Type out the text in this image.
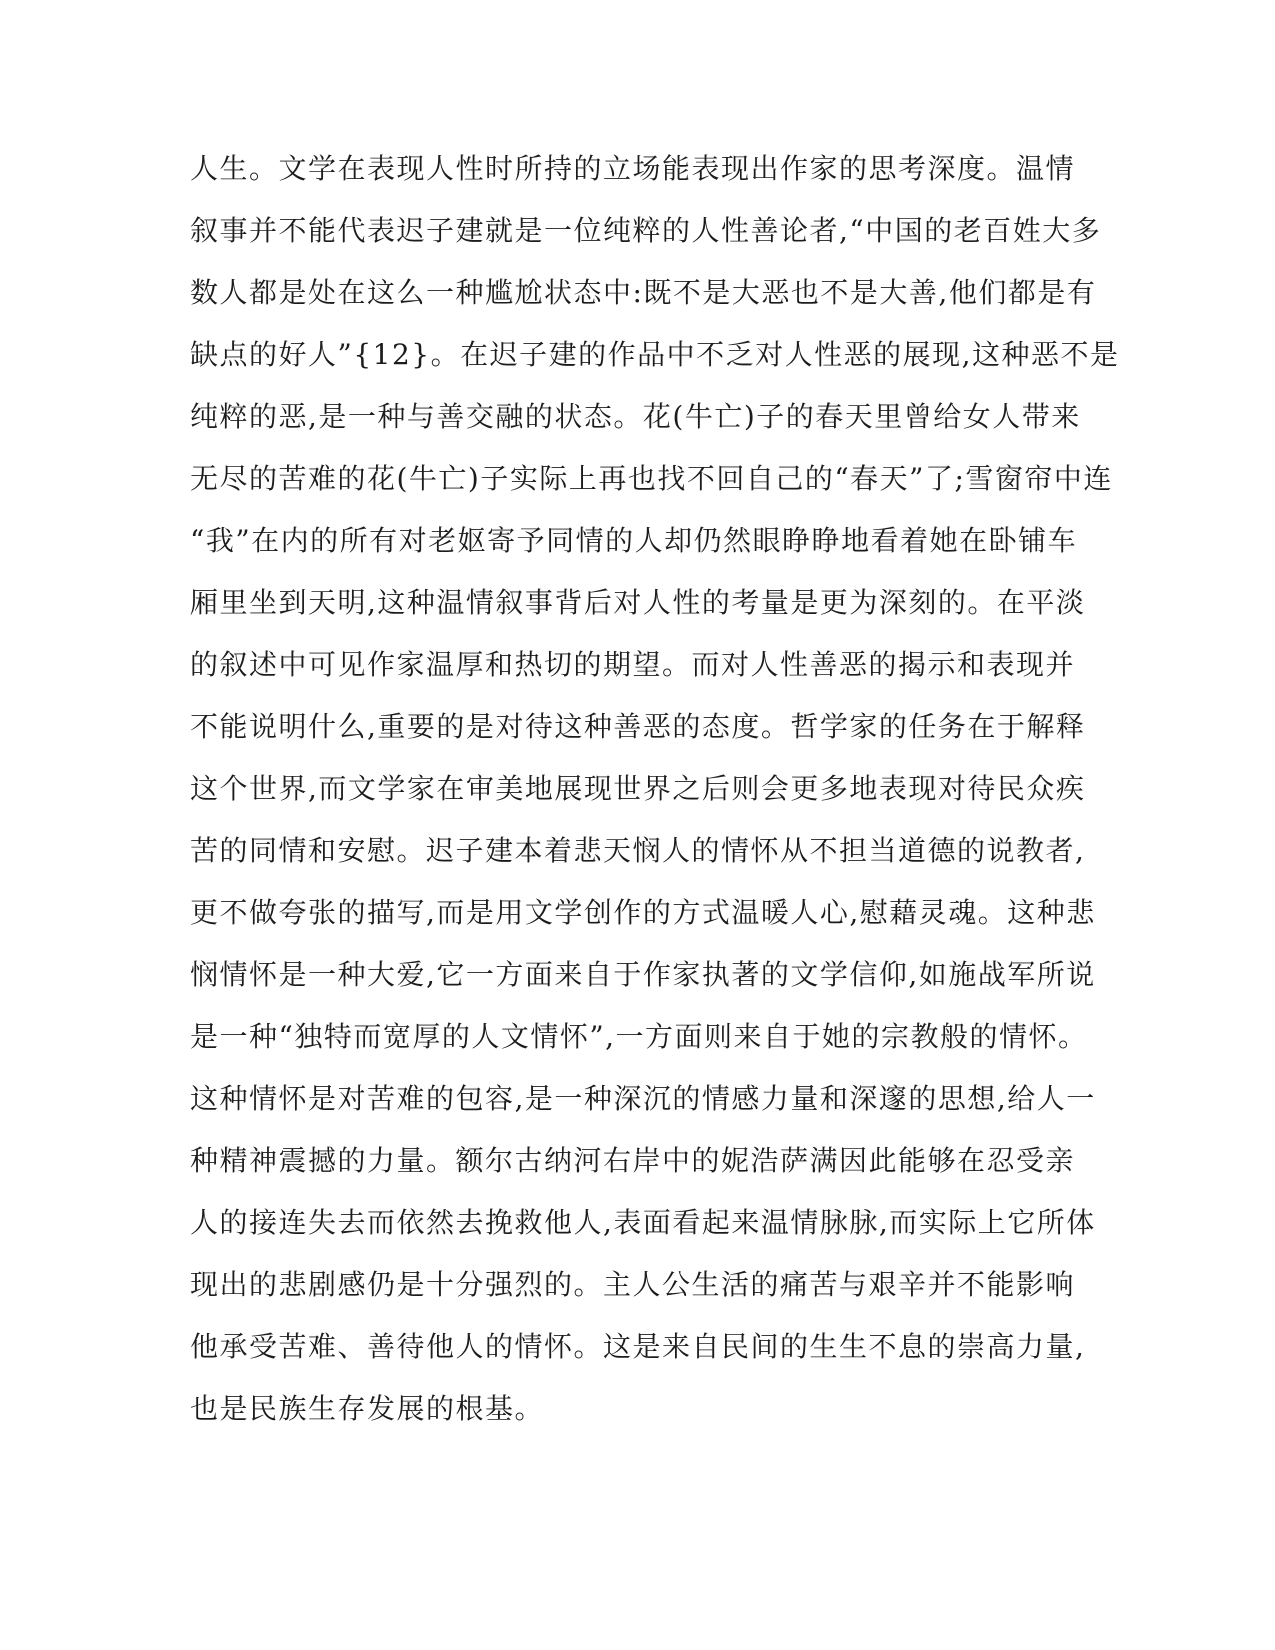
人生。文学在表现人性时所持的立场能表现出作家的思考深度。温情
叙事并不能代表迟子建就是一位纯粹的人性善论者,“中国的老百姓大多
数人都是处在这么一种尴尬状态中:既不是大恶也不是大善,他们都是有
缺点的好人”{12}。在迟子建的作品中不乏对人性恶的展现,这种恶不是
纯粹的恶,是一种与善交融的状态。花(牛亡)子的春天里曾给女人带来
无尽的苦难的花(牛亡)子实际上再也找不回自己的“春天”了;雪窗帘中连
“我”在内的所有对老妪寄予同情的人却仍然眼睁睁地看着她在卧铺车
厢里坐到天明,这种温情叙事背后对人性的考量是更为深刻的。在平淡
的叙述中可见作家温厚和热切的期望。而对人性善恶的揭示和表现并
不能说明什么,重要的是对待这种善恶的态度。哲学家的任务在于解释
这个世界,而文学家在审美地展现世界之后则会更多地表现对待民众疾
苦的同情和安慰。迟子建本着悲天悯人的情怀从不担当道德的说教者,
更不做夸张的描写,而是用文学创作的方式温暖人心,慰藉灵魂。这种悲
悯情怀是一种大爱,它一方面来自于作家执著的文学信仰,如施战军所说
是一种“独特而宽厚的人文情怀”,一方面则来自于她的宗教般的情怀。
这种情怀是对苦难的包容,是一种深沉的情感力量和深邃的思想,给人一
种精神震撼的力量。额尔古纳河右岸中的妮浩萨满因此能够在忍受亲
人的接连失去而依然去挽救他人,表面看起来温情脉脉,而实际上它所体
现出的悲剧感仍是十分强烈的。主人公生活的痛苦与艰辛并不能影响
他承受苦难、善待他人的情怀。这是来自民间的生生不息的崇高力量,
也是民族生存发展的根基。
